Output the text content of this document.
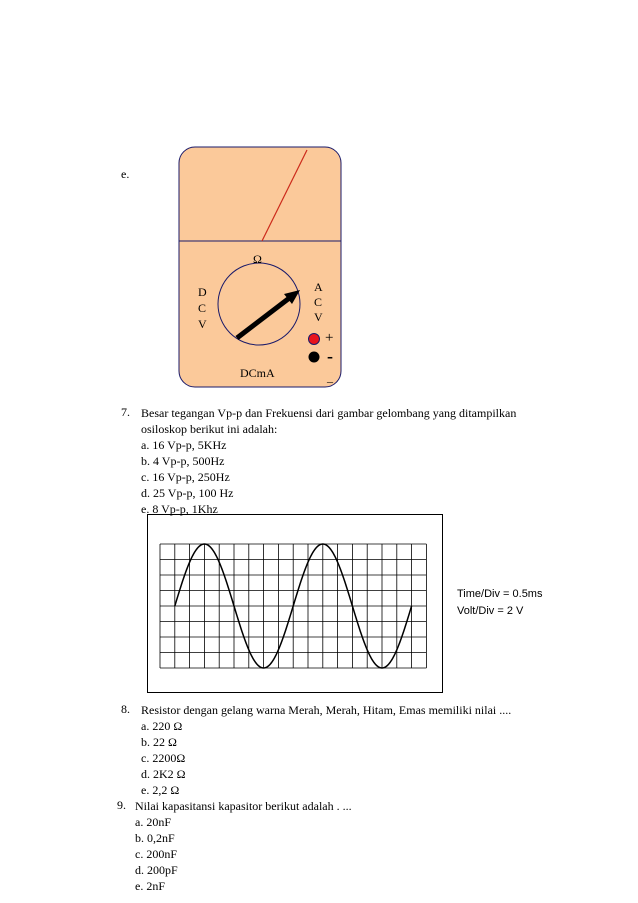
e.
Ω
D
C
V
A
C
V
+
-
DCmA	_
7. Besar tegangan Vp-p dan Frekuensi dari gambar gelombang yang ditampilkan
osiloskop berikut ini adalah:
a. 16 Vp-p, 5KHz
b. 4 Vp-p, 500Hz
c. 16 Vp-p, 250Hz
d. 25 Vp-p, 100 Hz
e. 8 Vp-p, 1Khz
Time/Div = 0.5ms
Volt/Div = 2 V
8. Resistor dengan gelang warna Merah, Merah, Hitam, Emas memiliki nilai ....
a. 220 Ω
b. 22 Ω
c. 2200Ω
d. 2K2 Ω
e. 2,2 Ω
9. Nilai kapasitansi kapasitor berikut adalah . ...
a. 20nF
b. 0,2nF
c. 200nF
d. 200pF
e. 2nF
